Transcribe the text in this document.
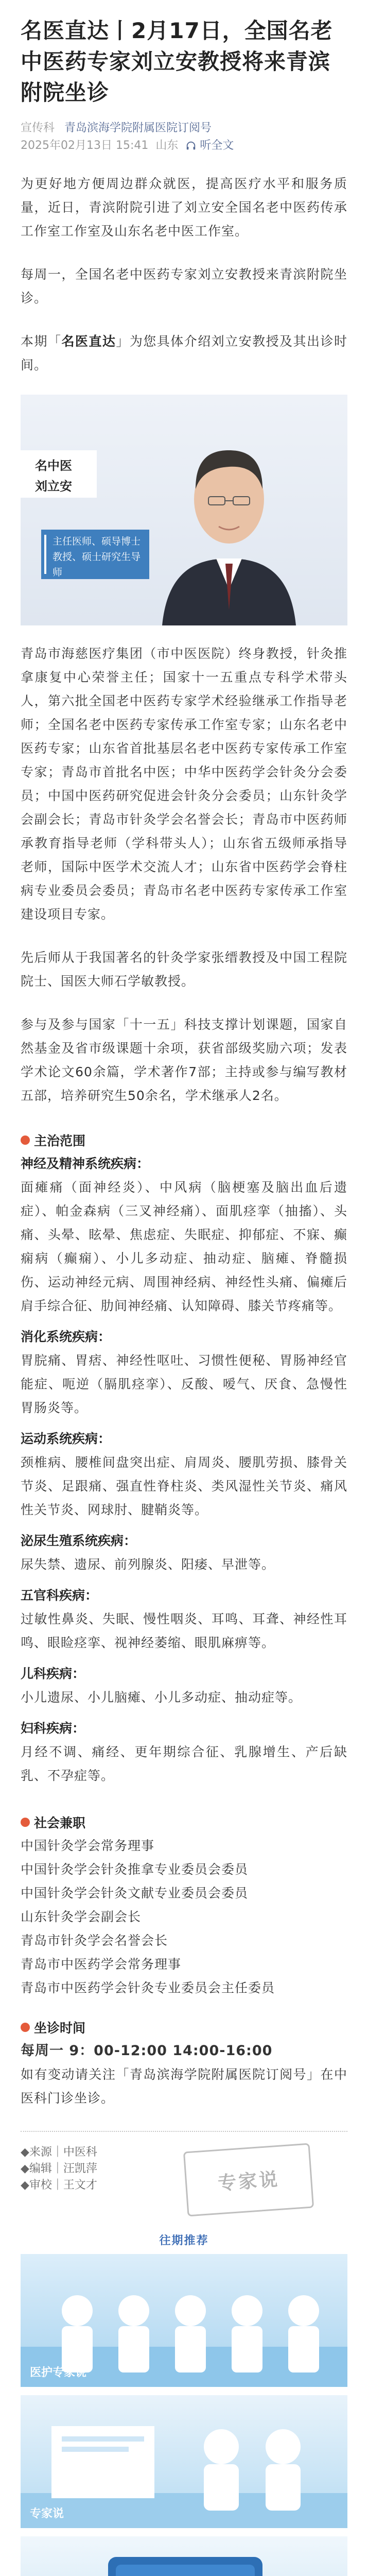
名医直达丨2月17日，全国名老中医药专家刘立安教授将来青滨附院坐诊
宣传科 青岛滨海学院附属医院订阅号
2025年02月13日 15:41 山东 听全文

为更好地方便周边群众就医，提高医疗水平和服务质量，近日，青滨附院引进了刘立安全国名老中医药传承工作室工作室及山东名老中医工作室。

每周一，全国名老中医药专家刘立安教授来青滨附院坐诊。

本期「名医直达」为您具体介绍刘立安教授及其出诊时间。

名中医
刘立安
主任医师、硕导博士
教授、硕士研究生导师

青岛市海慈医疗集团（市中医医院）终身教授，针灸推拿康复中心荣誉主任；国家十一五重点专科学术带头人，第六批全国老中医药专家学术经验继承工作指导老师；全国名老中医药专家传承工作室专家；山东名老中医药专家；山东省首批基层名老中医药专家传承工作室专家；青岛市首批名中医；中华中医药学会针灸分会委员；中国中医药研究促进会针灸分会委员；山东针灸学会副会长；青岛市针灸学会名誉会长；青岛市中医药师承教育指导老师（学科带头人）；山东省五级师承指导老师，国际中医学术交流人才；山东省中医药学会脊柱病专业委员会委员；青岛市名老中医药专家传承工作室建设项目专家。

先后师从于我国著名的针灸学家张缙教授及中国工程院院士、国医大师石学敏教授。

参与及参与国家「十一五」科技支撑计划课题，国家自然基金及省市级课题十余项，获省部级奖励六项；发表学术论文60余篇，学术著作7部；主持或参与编写教材五部，培养研究生50余名，学术继承人2名。

主治范围
神经及精神系统疾病：

面瘫痛（面神经炎）、中风病（脑梗塞及脑出血后遗症）、帕金森病（三叉神经痛）、面肌痉挛（抽搐）、头痛、头晕、眩晕、焦虑症、失眠症、抑郁症、不寐、癫痫病（癫痫）、小儿多动症、抽动症、脑瘫、脊髓损伤、运动神经元病、周围神经病、神经性头痛、偏瘫后肩手综合征、肋间神经痛、认知障碍、膝关节疼痛等。

消化系统疾病：

胃脘痛、胃痞、神经性呕吐、习惯性便秘、胃肠神经官能症、呃逆（膈肌痉挛）、反酸、嗳气、厌食、急慢性胃肠炎等。

运动系统疾病：

颈椎病、腰椎间盘突出症、肩周炎、腰肌劳损、膝骨关节炎、足跟痛、强直性脊柱炎、类风湿性关节炎、痛风性关节炎、网球肘、腱鞘炎等。

泌尿生殖系统疾病：

尿失禁、遗尿、前列腺炎、阳痿、早泄等。

五官科疾病：

过敏性鼻炎、失眠、慢性咽炎、耳鸣、耳聋、神经性耳鸣、眼睑痉挛、视神经萎缩、眼肌麻痹等。

儿科疾病：

小儿遗尿、小儿脑瘫、小儿多动症、抽动症等。

妇科疾病：

月经不调、痛经、更年期综合征、乳腺增生、产后缺乳、不孕症等。

社会兼职

中国针灸学会常务理事

中国针灸学会针灸推拿专业委员会委员

中国针灸学会针灸文献专业委员会委员

山东针灸学会副会长

青岛市针灸学会名誉会长

青岛市中医药学会常务理事

青岛市中医药学会针灸专业委员会主任委员

坐诊时间

每周一 9：00-12:00 14:00-16:00

如有变动请关注「青岛滨海学院附属医院订阅号」在中医科门诊坐诊。

◆来源｜中医科
◆编辑｜汪凯萍
◆审校｜王文才	专家说
往期推荐
医护专家说
专家说
